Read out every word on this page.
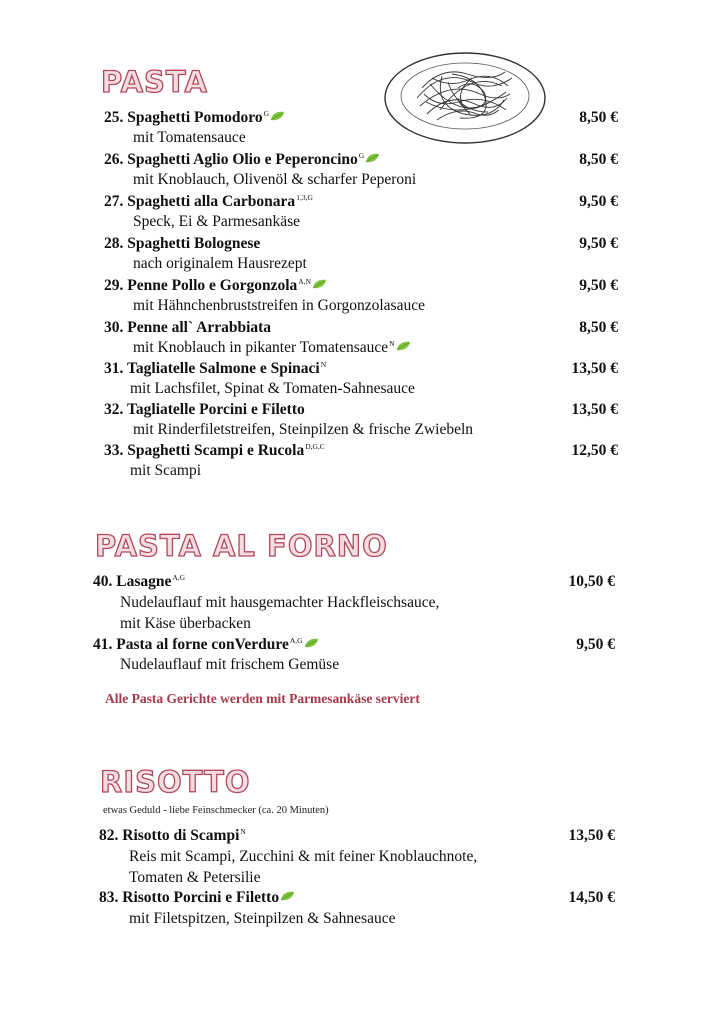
PASTA
PASTA AL FORNO
Alle Pasta Gerichte werden mit Parmesankäse serviert
RISOTTO
etwas Geduld - liebe Feinschmecker (ca. 20 Minuten)
25. Spaghetti Pomodoro$^G$	8,50 €
mit Tomatensauce
26. Spaghetti Aglio Olio e Peperoncino$^G$	8,50 €
mit Knoblauch, Olivenöl & scharfer Peperoni
27. Spaghetti alla Carbonara$^{1,3,G}$	9,50 €
Speck, Ei & Parmesankäse
28. Spaghetti Bolognese	9,50 €
nach originalem Hausrezept
29. Penne Pollo e Gorgonzola$^{A,N}$	9,50 €
mit Hähnchenbruststreifen in Gorgonzolasauce
30. Penne all` Arrabbiata	8,50 €
mit Knoblauch in pikanter Tomatensauce$^N$
31. Tagliatelle Salmone e Spinaci$^N$	13,50 €
mit Lachsfilet, Spinat & Tomaten-Sahnesauce
32. Tagliatelle Porcini e Filetto	13,50 €
mit Rinderfiletstreifen, Steinpilzen & frische Zwiebeln
33. Spaghetti Scampi e Rucola$^{D,G,C}$	12,50 €
mit Scampi
40. Lasagne$^{A,G}$	10,50 €
Nudelauflauf mit hausgemachter Hackfleischsauce,
mit Käse überbacken
41. Pasta al forne conVerdure$^{A,G}$	9,50 €
Nudelauflauf mit frischem Gemüse
82. Risotto di Scampi$^N$	13,50 €
Reis mit Scampi, Zucchini & mit feiner Knoblauchnote,
Tomaten & Petersilie
83. Risotto Porcini e Filetto	14,50 €
mit Filetspitzen, Steinpilzen & Sahnesauce
